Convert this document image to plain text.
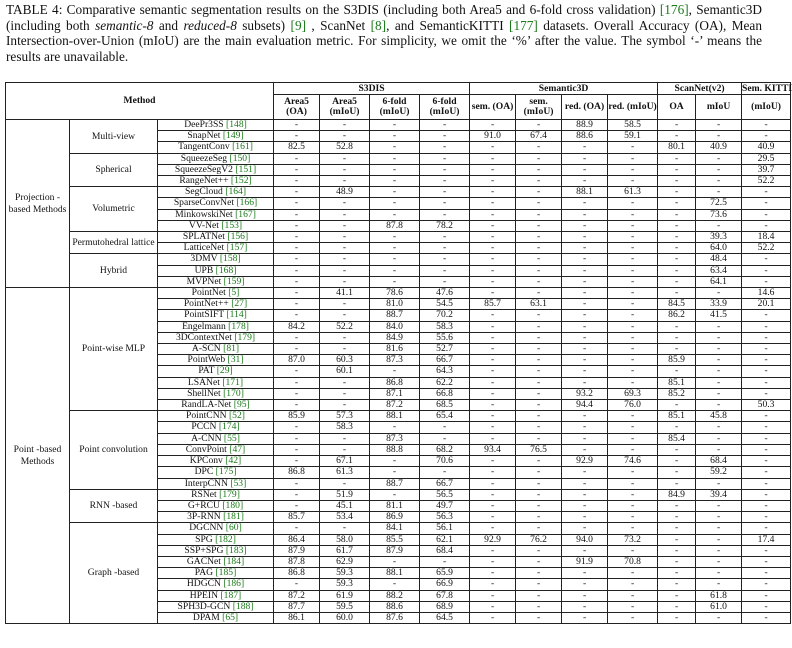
TABLE 4: Comparative semantic segmentation results on the S3DIS (including both Area5 and 6-fold cross validation) [176], Semantic3D (including both semantic-8 and reduced-8 subsets) [9] , ScanNet [8], and SemanticKITTI [177] datasets. Overall Accuracy (OA), Mean Intersection-over-Union (mIoU) are the main evaluation metric. For simplicity, we omit the ‘%’ after the value. The symbol ‘-’ means the results are unavailable.
Method			S3DIS				Semantic3D				ScanNet(v2)		Sem. KITTI
			Area5 (OA)	Area5 (mIoU)	6-fold (mIoU)	6-fold (mIoU)	sem. (OA)	sem. (mIoU)	red. (OA)	red. (mIoU)	OA	mIoU	(mIoU)
Projection -based Methods	Multi-view	DeePr3SS [148]	-	-	-	-	-	-	88.9	58.5	-	-	-
		SnapNet [149]	-	-	-	-	91.0	67.4	88.6	59.1	-	-	-
		TangentConv [161]	82.5	52.8	-	-	-	-	-	-	80.1	40.9	40.9
	Spherical	SqueezeSeg [150]	-	-	-	-	-	-	-	-	-	-	29.5
		SqueezeSegV2 [151]	-	-	-	-	-	-	-	-	-	-	39.7
		RangeNet++ [152]	-	-	-	-	-	-	-	-	-	-	52.2
	Volumetric	SegCloud [164]	-	48.9	-	-	-	-	88.1	61.3	-	-	-
		SparseConvNet [166]	-	-	-	-	-	-	-	-	-	72.5	-
		MinkowskiNet [167]	-	-	-	-	-	-	-	-	-	73.6	-
		VV-Net [153]	-	-	87.8	78.2	-	-	-	-	-	-	-
	Permutohedral lattice	SPLATNet [156]	-	-	-	-	-	-	-	-	-	39.3	18.4
		LatticeNet [157]	-	-	-	-	-	-	-	-	-	64.0	52.2
	Hybrid	3DMV [158]	-	-	-	-	-	-	-	-	-	48.4	-
		UPB [168]	-	-	-	-	-	-	-	-	-	63.4	-
		MVPNet [159]	-	-	-	-	-	-	-	-	-	64.1	-
Point -based Methods	Point-wise MLP	PointNet [5]	-	41.1	78.6	47.6	-	-	-	-	-	-	14.6
		PointNet++ [27]	-	-	81.0	54.5	85.7	63.1	-	-	84.5	33.9	20.1
		PointSIFT [114]	-	-	88.7	70.2	-	-	-	-	86.2	41.5	-
		Engelmann [178]	84.2	52.2	84.0	58.3	-	-	-	-	-	-	-
		3DContextNet [179]	-	-	84.9	55.6	-	-	-	-	-	-	-
		A-SCN [81]	-	-	81.6	52.7	-	-	-	-	-	-	-
		PointWeb [31]	87.0	60.3	87.3	66.7	-	-	-	-	85.9	-	-
		PAT [29]	-	60.1	-	64.3	-	-	-	-	-	-	-
		LSANet [171]	-	-	86.8	62.2	-	-	-	-	85.1	-	-
		ShellNet [170]	-	-	87.1	66.8	-	-	93.2	69.3	85.2	-	-
		RandLA-Net [95]	-	-	87.2	68.5	-	-	94.4	76.0	-	-	50.3
	Point convolution	PointCNN [52]	85.9	57.3	88.1	65.4	-	-	-	-	85.1	45.8	-
		PCCN [174]	-	58.3	-	-	-	-	-	-	-	-	-
		A-CNN [55]	-	-	87.3	-	-	-	-	-	85.4	-	-
		ConvPoint [47]	-	-	88.8	68.2	93.4	76.5	-	-	-	-	-
		KPConv [42]	-	67.1	-	70.6	-	-	92.9	74.6	-	68.4	-
		DPC [175]	86.8	61.3	-	-	-	-	-	-	-	59.2	-
		InterpCNN [53]	-	-	88.7	66.7	-	-	-	-	-	-	-
	RNN -based	RSNet [179]	-	51.9	-	56.5	-	-	-	-	84.9	39.4	-
		G+RCU [180]	-	45.1	81.1	49.7	-	-	-	-	-	-	-
		3P-RNN [181]	85.7	53.4	86.9	56.3	-	-	-	-	-	-	-
	Graph -based	DGCNN [60]	-	-	84.1	56.1	-	-	-	-	-	-	-
		SPG [182]	86.4	58.0	85.5	62.1	92.9	76.2	94.0	73.2	-	-	17.4
		SSP+SPG [183]	87.9	61.7	87.9	68.4	-	-	-	-	-	-	-
		GACNet [184]	87.8	62.9	-	-	-	-	91.9	70.8	-	-	-
		PAG [185]	86.8	59.3	88.1	65.9	-	-	-	-	-	-	-
		HDGCN [186]	-	59.3	-	66.9	-	-	-	-	-	-	-
		HPEIN [187]	87.2	61.9	88.2	67.8	-	-	-	-	-	61.8	-
		SPH3D-GCN [188]	87.7	59.5	88.6	68.9	-	-	-	-	-	61.0	-
		DPAM [65]	86.1	60.0	87.6	64.5	-	-	-	-	-	-	-
